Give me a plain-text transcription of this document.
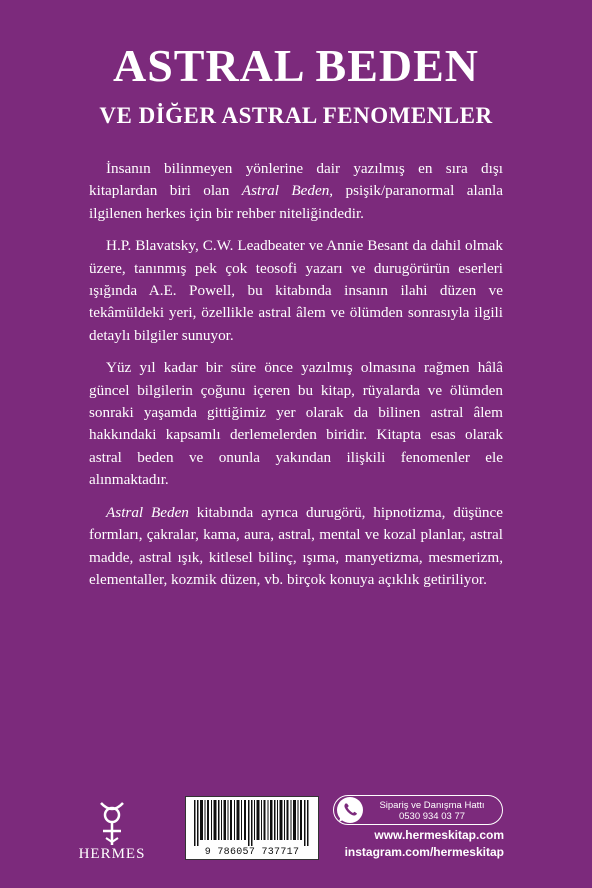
ASTRAL BEDEN
VE DİĞER ASTRAL FENOMENLER

İnsanın bilinmeyen yönlerine dair yazılmış en sıra dışı kitaplardan biri olan Astral Beden, psişik/paranormal alanla ilgilenen herkes için bir rehber niteliğindedir.

H.P. Blavatsky, C.W. Leadbeater ve Annie Besant da dahil olmak üzere, tanınmış pek çok teosofi yazarı ve durugörürün eserleri ışığında A.E. Powell, bu kitabında insanın ilahi düzen ve tekâmüldeki yeri, özellikle astral âlem ve ölümden sonrasıyla ilgili detaylı bilgiler sunuyor.

Yüz yıl kadar bir süre önce yazılmış olmasına rağmen hâlâ güncel bilgilerin çoğunu içeren bu kitap, rüyalarda ve ölümden sonraki yaşamda gittiğimiz yer olarak da bilinen astral âlem hakkındaki kapsamlı derlemelerden biridir. Kitapta esas olarak astral beden ve onunla yakından ilişkili fenomenler ele alınmaktadır.

Astral Beden kitabında ayrıca durugörü, hipnotizma, düşünce formları, çakralar, kama, aura, astral, mental ve kozal planlar, astral madde, astral ışık, kitlesel bilinç, ışıma, manyetizma, mesmerizm, elementaller, kozmik düzen, vb. birçok konuya açıklık getiriliyor.

HERMES	9 786057 737717
Sipariş ve Danışma Hattı
0530 934 03 77
www.hermeskitap.com
instagram.com/hermeskitap
